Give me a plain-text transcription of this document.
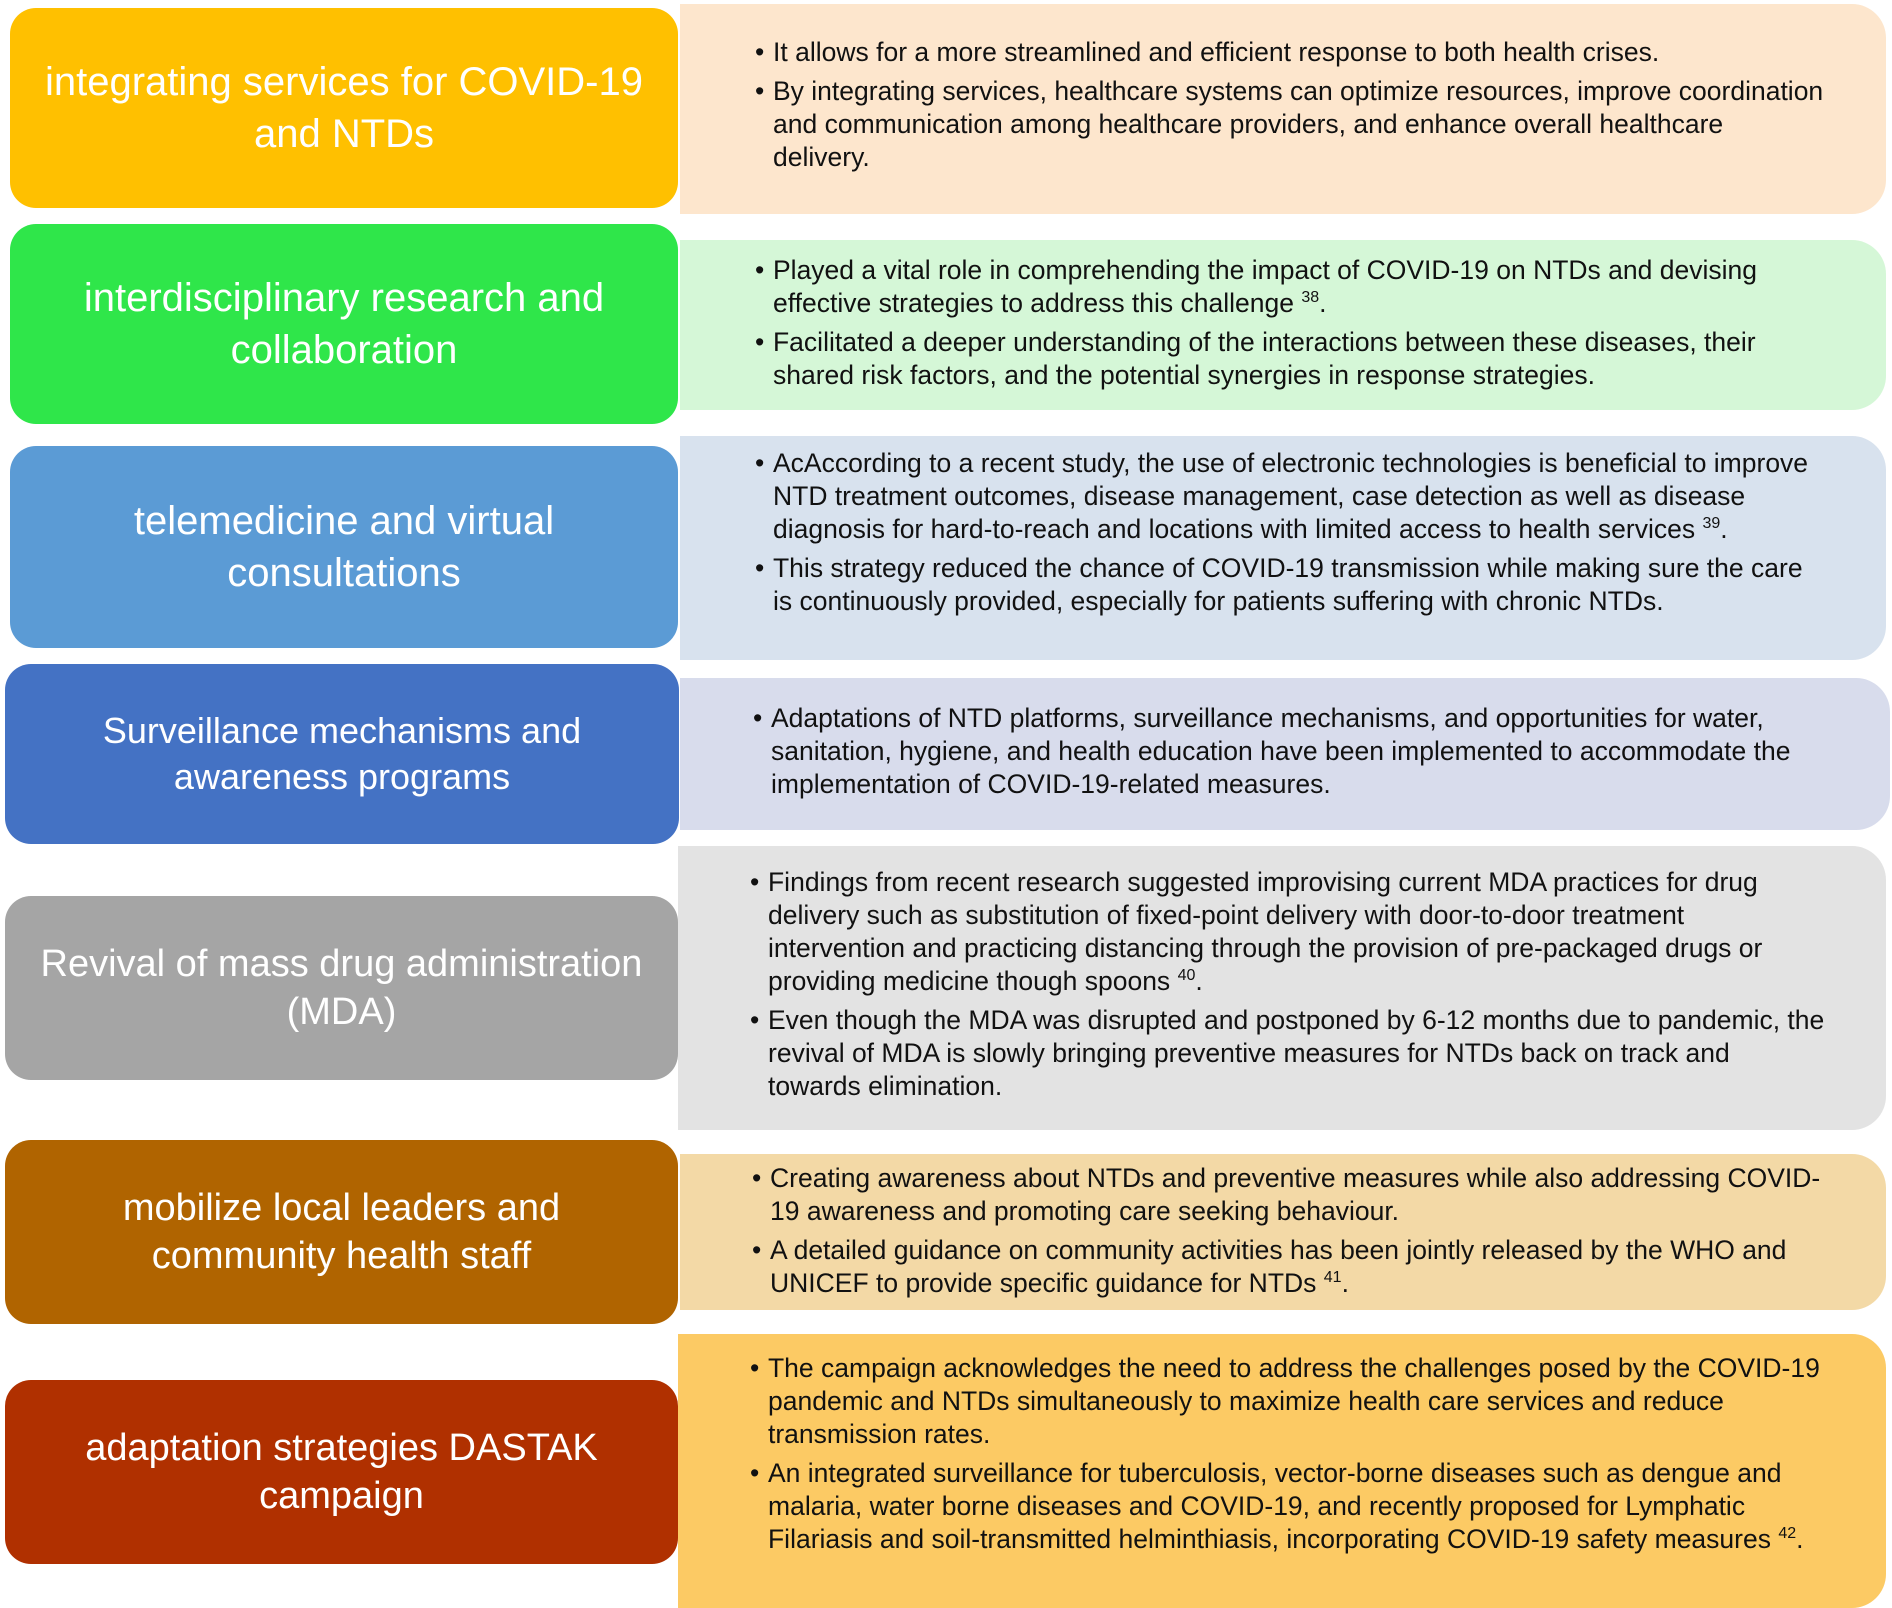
• It allows for a more streamlined and efficient response to both health crises.
• By integrating services, healthcare systems can optimize resources, improve coordination and communication among healthcare providers, and enhance overall healthcare delivery.
integrating services for COVID-19 and NTDs
• Played a vital role in comprehending the impact of COVID-19 on NTDs and devising effective strategies to address this challenge $^{38}$.
• Facilitated a deeper understanding of the interactions between these diseases, their shared risk factors, and the potential synergies in response strategies.
interdisciplinary research and collaboration
• AcAccording to a recent study, the use of electronic technologies is beneficial to improve NTD treatment outcomes, disease management, case detection as well as disease diagnosis for hard-to-reach and locations with limited access to health services $^{39}$.
• This strategy reduced the chance of COVID-19 transmission while making sure the care is continuously provided, especially for patients suffering with chronic NTDs.
telemedicine and virtual consultations
• Adaptations of NTD platforms, surveillance mechanisms, and opportunities for water, sanitation, hygiene, and health education have been implemented to accommodate the implementation of COVID-19-related measures.
Surveillance mechanisms and awareness programs
• Findings from recent research suggested improvising current MDA practices for drug delivery such as substitution of fixed-point delivery with door-to-door treatment intervention and practicing distancing through the provision of pre-packaged drugs or providing medicine though spoons $^{40}$.
• Even though the MDA was disrupted and postponed by 6-12 months due to pandemic, the revival of MDA is slowly bringing preventive measures for NTDs back on track and towards elimination.
Revival of mass drug administration (MDA)
• Creating awareness about NTDs and preventive measures while also addressing COVID-19 awareness and promoting care seeking behaviour.
• A detailed guidance on community activities has been jointly released by the WHO and UNICEF to provide specific guidance for NTDs $^{41}$.
mobilize local leaders and community health staff
• The campaign acknowledges the need to address the challenges posed by the COVID-19 pandemic and NTDs simultaneously to maximize health care services and reduce transmission rates.
• An integrated surveillance for tuberculosis, vector-borne diseases such as dengue and malaria, water borne diseases and COVID-19, and recently proposed for Lymphatic Filariasis and soil-transmitted helminthiasis, incorporating COVID-19 safety measures $^{42}$.
adaptation strategies DASTAK campaign
